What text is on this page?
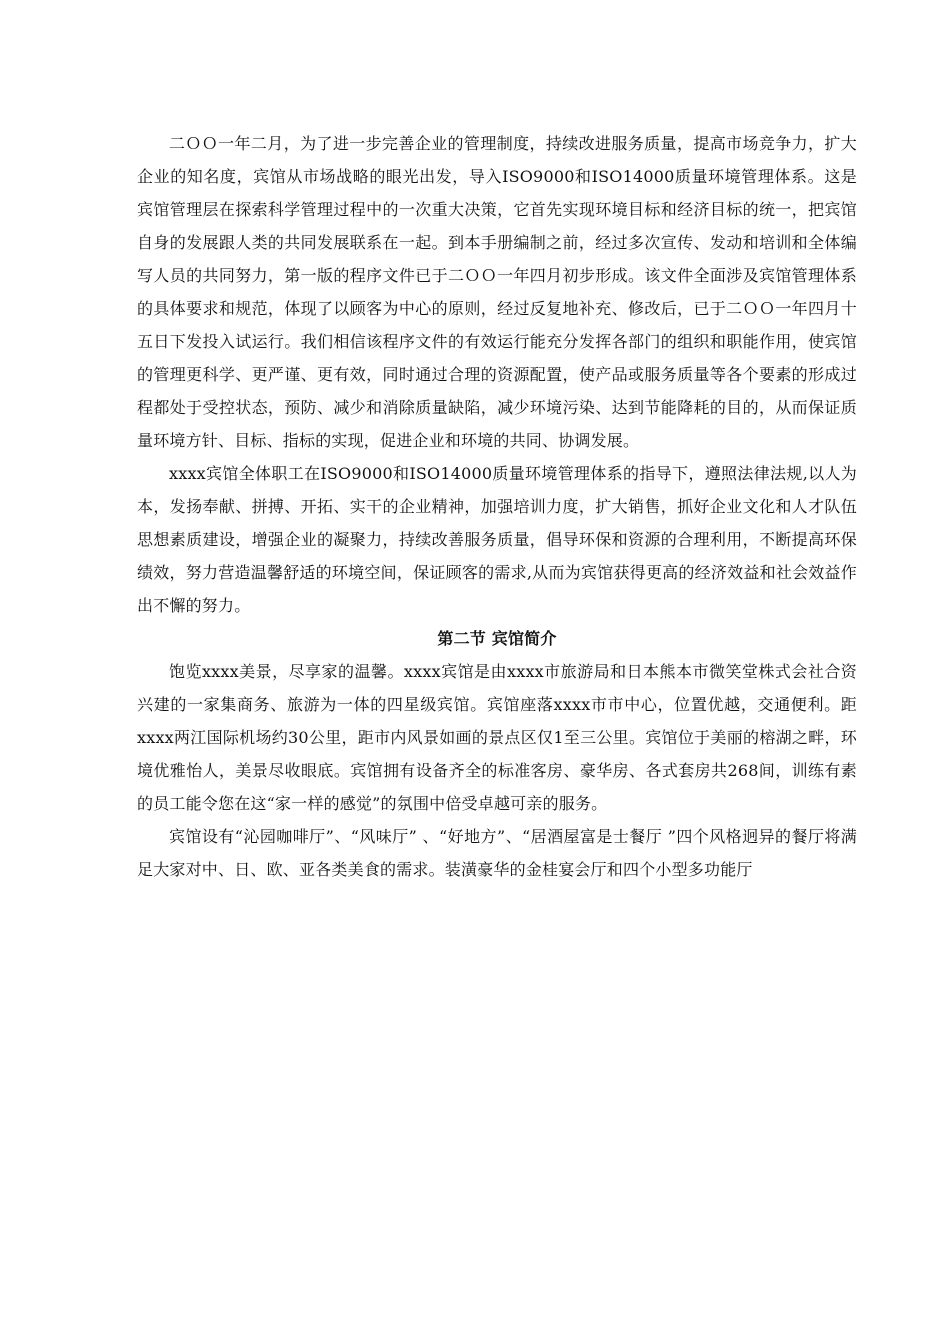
二ＯＯ一年二月，为了进一步完善企业的管理制度，持续改进服务质量，提高市场竞争力，扩大企业的知名度，宾馆从市场战略的眼光出发，导入ISO9000和ISO14000质量环境管理体系。这是宾馆管理层在探索科学管理过程中的一次重大决策，它首先实现环境目标和经济目标的统一，把宾馆自身的发展跟人类的共同发展联系在一起。到本手册编制之前，经过多次宣传、发动和培训和全体编写人员的共同努力，第一版的程序文件已于二ＯＯ一年四月初步形成。该文件全面涉及宾馆管理体系的具体要求和规范，体现了以顾客为中心的原则，经过反复地补充、修改后，已于二ＯＯ一年四月十五日下发投入试运行。我们相信该程序文件的有效运行能充分发挥各部门的组织和职能作用，使宾馆的管理更科学、更严谨、更有效，同时通过合理的资源配置，使产品或服务质量等各个要素的形成过程都处于受控状态，预防、减少和消除质量缺陷，减少环境污染、达到节能降耗的目的，从而保证质量环境方针、目标、指标的实现，促进企业和环境的共同、协调发展。

xxxx宾馆全体职工在ISO9000和ISO14000质量环境管理体系的指导下，遵照法律法规,以人为本，发扬奉献、拼搏、开拓、实干的企业精神，加强培训力度，扩大销售，抓好企业文化和人才队伍思想素质建设，增强企业的凝聚力，持续改善服务质量，倡导环保和资源的合理利用，不断提高环保绩效，努力营造温馨舒适的环境空间，保证顾客的需求,从而为宾馆获得更高的经济效益和社会效益作出不懈的努力。

第二节 宾馆简介

饱览xxxx美景，尽享家的温馨。xxxx宾馆是由xxxx市旅游局和日本熊本市微笑堂株式会社合资兴建的一家集商务、旅游为一体的四星级宾馆。宾馆座落xxxx市市中心，位置优越，交通便利。距xxxx两江国际机场约30公里，距市内风景如画的景点区仅1至三公里。宾馆位于美丽的榕湖之畔，环境优雅怡人，美景尽收眼底。宾馆拥有设备齐全的标准客房、豪华房、各式套房共268间，训练有素的员工能令您在这“家一样的感觉”的氛围中倍受卓越可亲的服务。

宾馆设有“沁园咖啡厅”、“风味厅” 、“好地方”、“居酒屋富是士餐厅 ”四个风格迥异的餐厅将满足大家对中、日、欧、亚各类美食的需求。装潢豪华的金桂宴会厅和四个小型多功能厅
